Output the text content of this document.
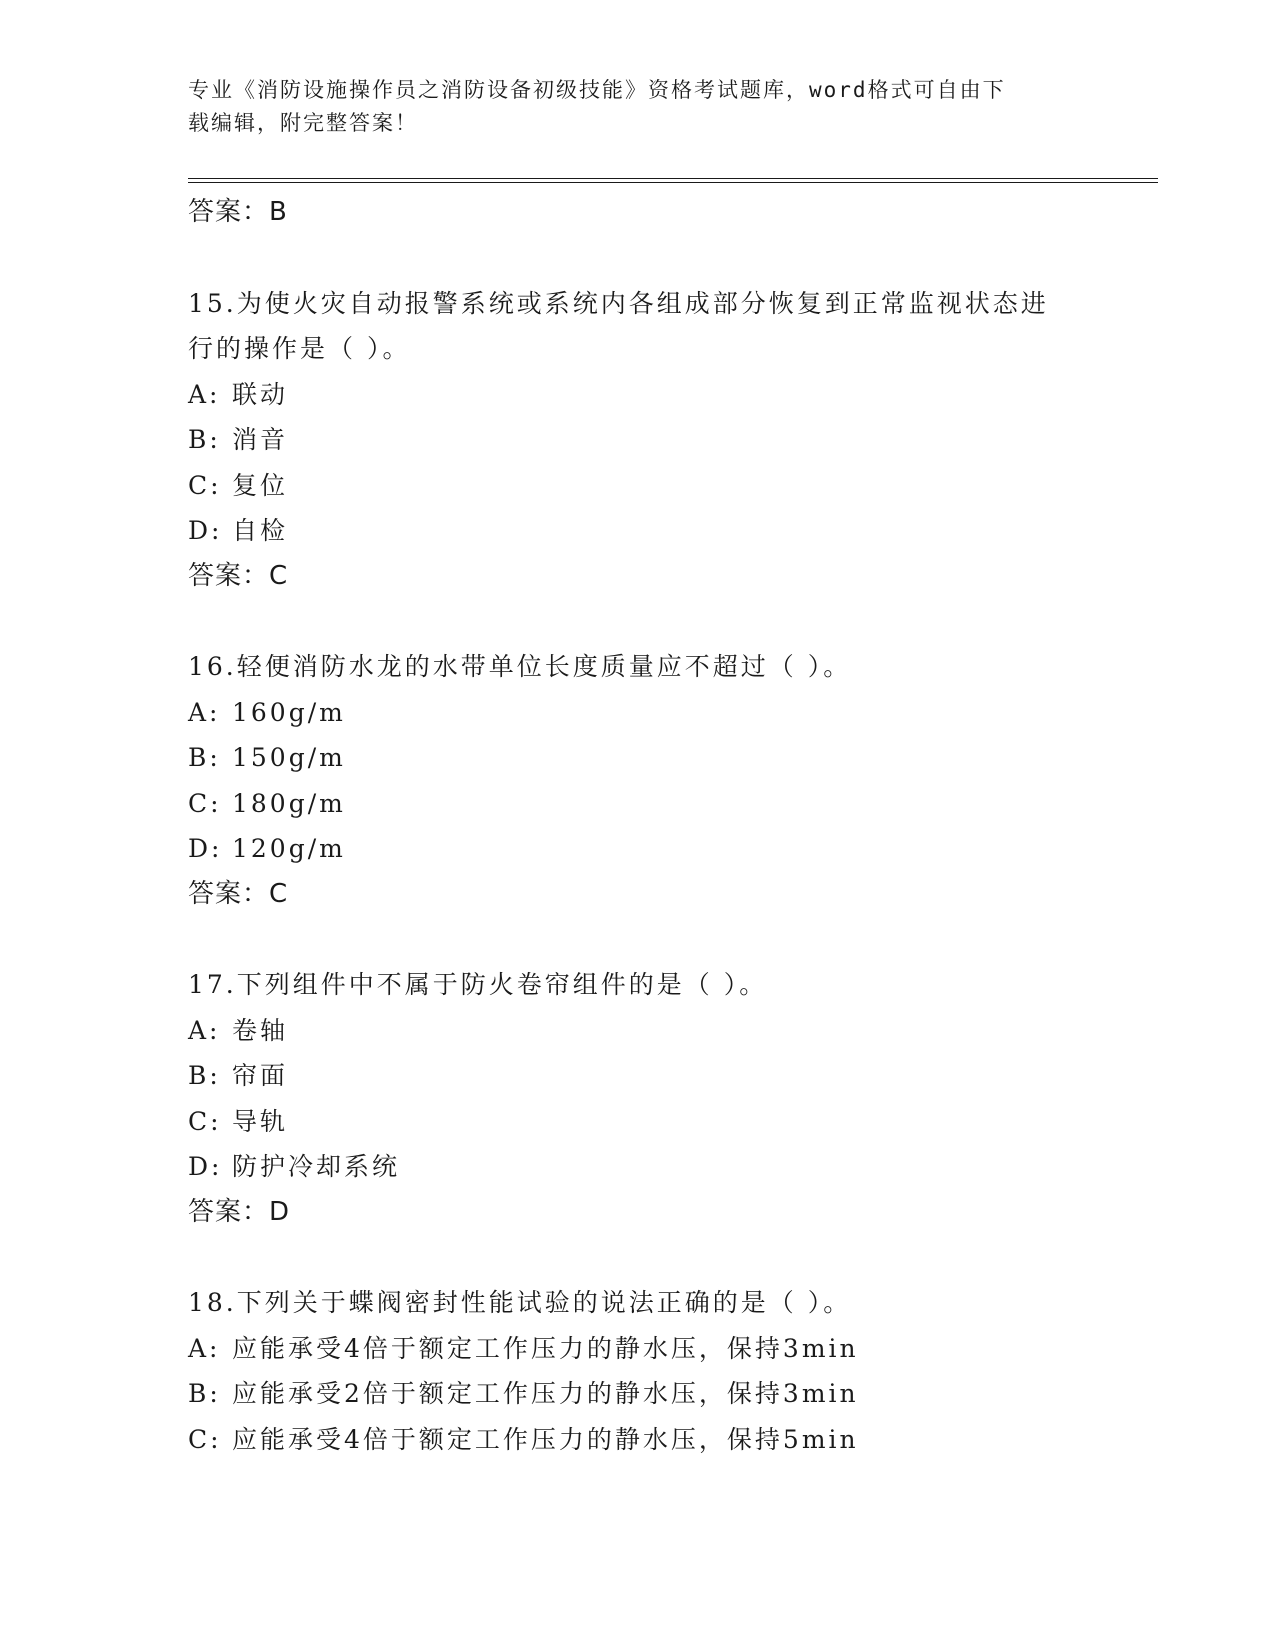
专业《消防设施操作员之消防设备初级技能》资格考试题库，word格式可自由下
载编辑，附完整答案！
答案：B
15.为使火灾自动报警系统或系统内各组成部分恢复到正常监视状态进
行的操作是（ ）。
A: 联动
B: 消音
C: 复位
D: 自检
答案：C
16.轻便消防水龙的水带单位长度质量应不超过（ ）。
A: 160g/m
B: 150g/m
C: 180g/m
D: 120g/m
答案：C
17.下列组件中不属于防火卷帘组件的是（ ）。
A: 卷轴
B: 帘面
C: 导轨
D: 防护冷却系统
答案：D
18.下列关于蝶阀密封性能试验的说法正确的是（ ）。
A: 应能承受4倍于额定工作压力的静水压，保持3min
B: 应能承受2倍于额定工作压力的静水压，保持3min
C: 应能承受4倍于额定工作压力的静水压，保持5min
